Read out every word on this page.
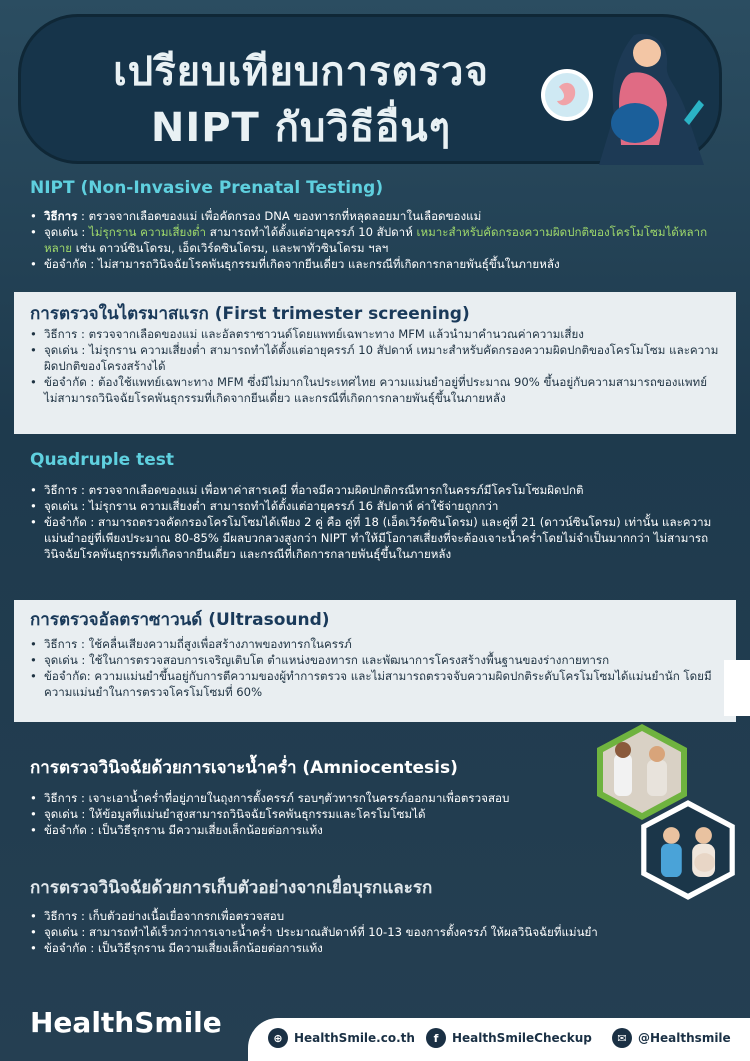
เปรียบเทียบการตรวจ
NIPT กับวิธีอื่นๆ
NIPT (Non-Invasive Prenatal Testing)
• วิธีการ : ตรวจจากเลือดของแม่ เพื่อคัดกรอง DNA ของทารกที่หลุดลอยมาในเลือดของแม่
• จุดเด่น : ไม่รุกราน ความเสี่ยงต่ำ สามารถทำได้ตั้งแต่อายุครรภ์ 10 สัปดาห์ เหมาะสำหรับคัดกรองความผิดปกติของโครโมโซมได้หลากหลาย เช่น ดาวน์ซินโดรม, เอ็ดเวิร์ดซินโดรม, และพาทัวซินโดรม ฯลฯ
• ข้อจำกัด : ไม่สามารถวินิจฉัยโรคพันธุกรรมที่เกิดจากยีนเดี่ยว และกรณีที่เกิดการกลายพันธุ์ขึ้นในภายหลัง
การตรวจในไตรมาสแรก (First trimester screening)
• วิธีการ : ตรวจจากเลือดของแม่ และอัลตราซาวนด์โดยแพทย์เฉพาะทาง MFM แล้วนำมาคำนวณค่าความเสี่ยง
• จุดเด่น : ไม่รุกราน ความเสี่ยงต่ำ สามารถทำได้ตั้งแต่อายุครรภ์ 10 สัปดาห์ เหมาะสำหรับคัดกรองความผิดปกติของโครโมโซม และความผิดปกติของโครงสร้างได้
• ข้อจำกัด : ต้องใช้แพทย์เฉพาะทาง MFM ซึ่งมีไม่มากในประเทศไทย ความแม่นยำอยู่ที่ประมาณ 90% ขึ้นอยู่กับความสามารถของแพทย์ ไม่สามารถวินิจฉัยโรคพันธุกรรมที่เกิดจากยีนเดี่ยว และกรณีที่เกิดการกลายพันธุ์ขึ้นในภายหลัง
Quadruple test
• วิธีการ : ตรวจจากเลือดของแม่ เพื่อหาค่าสารเคมี ที่อาจมีความผิดปกติกรณีทารกในครรภ์มีโครโมโซมผิดปกติ
• จุดเด่น : ไม่รุกราน ความเสี่ยงต่ำ สามารถทำได้ตั้งแต่อายุครรภ์ 16 สัปดาห์ ค่าใช้จ่ายถูกกว่า
• ข้อจำกัด : สามารถตรวจคัดกรองโครโมโซมได้เพียง 2 คู่ คือ คู่ที่ 18 (เอ็ดเวิร์ดซินโดรม) และคู่ที่ 21 (ดาวน์ซินโดรม) เท่านั้น และความแม่นยำอยู่ที่เพียงประมาณ 80-85% มีผลบวกลวงสูงกว่า NIPT ทำให้มีโอกาสเสี่ยงที่จะต้องเจาะน้ำคร่ำโดยไม่จำเป็นมากกว่า ไม่สามารถวินิจฉัยโรคพันธุกรรมที่เกิดจากยีนเดี่ยว และกรณีที่เกิดการกลายพันธุ์ขึ้นในภายหลัง
การตรวจอัลตราซาวนด์ (Ultrasound)
• วิธีการ : ใช้คลื่นเสียงความถี่สูงเพื่อสร้างภาพของทารกในครรภ์
• จุดเด่น : ใช้ในการตรวจสอบการเจริญเติบโต ตำแหน่งของทารก และพัฒนาการโครงสร้างพื้นฐานของร่างกายทารก
• ข้อจำกัด: ความแม่นยำขึ้นอยู่กับการตีความของผู้ทำการตรวจ และไม่สามารถตรวจจับความผิดปกติระดับโครโมโซมได้แม่นยำนัก โดยมีความแม่นยำในการตรวจโครโมโซมที่ 60%
การตรวจวินิจฉัยด้วยการเจาะน้ำคร่ำ (Amniocentesis)
• วิธีการ : เจาะเอาน้ำคร่ำที่อยู่ภายในถุงการตั้งครรภ์ รอบๆตัวทารกในครรภ์ออกมาเพื่อตรวจสอบ
• จุดเด่น : ให้ข้อมูลที่แม่นยำสูงสามารถวินิจฉัยโรคพันธุกรรมและโครโมโซมได้
• ข้อจำกัด : เป็นวิธีรุกราน มีความเสี่ยงเล็กน้อยต่อการแท้ง
การตรวจวินิจฉัยด้วยการเก็บตัวอย่างจากเยื่อบุรกและรก
• วิธีการ : เก็บตัวอย่างเนื้อเยื่อจากรกเพื่อตรวจสอบ
• จุดเด่น : สามารถทำได้เร็วกว่าการเจาะน้ำคร่ำ ประมาณสัปดาห์ที่ 10-13 ของการตั้งครรภ์ ให้ผลวินิจฉัยที่แม่นยำ
• ข้อจำกัด : เป็นวิธีรุกราน มีความเสี่ยงเล็กน้อยต่อการแท้ง
HealthSmile	⊕ HealthSmile.co.th	f	HealthSmileCheckup	✉ @Healthsmile
